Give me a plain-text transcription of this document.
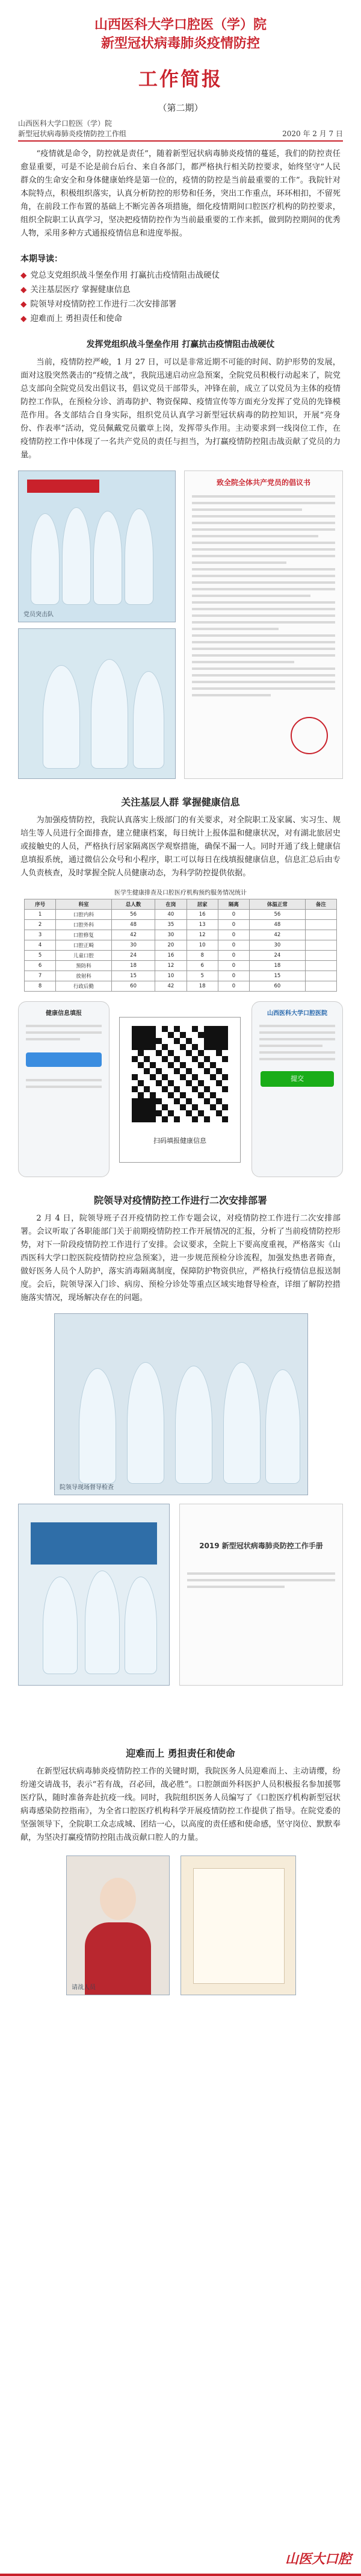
山西医科大学口腔医（学）院
新型冠状病毒肺炎疫情防控
工作简报
（第二期）
山西医科大学口腔医（学）院
新型冠状病毒肺炎疫情防控工作组	2020 年 2 月 7 日

“疫情就是命令，防控就是责任”，随着新型冠状病毒肺炎疫情的蔓延，我们的防控责任愈显重要，可是不论是前台后台、来自各部门，都严格执行相关防控要求，始终坚守“人民群众的生命安全和身体健康始终是第一位的，疫情的防控是当前最重要的工作”。我院针对本院特点，积极组织落实，认真分析防控的形势和任务，突出工作重点，环环相扣，不留死角，在前段工作布置的基础上不断完善各项措施，细化疫情期间口腔医疗机构的防控要求，组织全院职工认真学习，坚决把疫情防控作为当前最重要的工作来抓，做到防控期间的优秀人物，采用多种方式通报疫情信息和进度举报。

本期导读：
◆ 党总支党组织战斗堡垒作用 打赢抗击疫情阻击战硬仗
◆ 关注基层医疗 掌握健康信息
◆ 院领导对疫情防控工作进行二次安排部署
◆ 迎难而上 勇担责任和使命
发挥党组织战斗堡垒作用 打赢抗击疫情阻击战硬仗

当前，疫情防控严峻，1 月 27 日，可以是非常近期不可能的时间、防护形势的发展，面对这股突然袭击的“疫情之战”，我院迅速启动应急预案，全院党员积极行动起来了，院党总支部向全院党员发出倡议书，倡议党员干部带头，冲锋在前，成立了以党员为主体的疫情防控工作队，在预检分诊、消毒防护、物资保障、疫情宣传等方面充分发挥了党员的先锋模范作用。各支部结合自身实际，组织党员认真学习新型冠状病毒的防控知识，开展“亮身份、作表率”活动，党员佩戴党员徽章上岗，发挥带头作用。主动要求到一线岗位工作，在疫情防控工作中体现了一名共产党员的责任与担当，为打赢疫情防控阻击战贡献了党员的力量。

党员突击队
致全院全体共产党员的倡议书
关注基层人群 掌握健康信息

为加强疫情防控，我院认真落实上级部门的有关要求，对全院职工及家属、实习生、规培生等人员进行全面排查，建立健康档案，每日统计上报体温和健康状况，对有湖北旅居史或接触史的人员，严格执行居家隔离医学观察措施，确保不漏一人。同时开通了线上健康信息填报系统，通过微信公众号和小程序，职工可以每日在线填报健康信息，信息汇总后由专人负责核查，及时掌握全院人员健康动态，为科学防控提供依据。

医学生健康排查及口腔医疗机构预约服务情况统计
序号	科室	总人数	在岗	居家	隔离	体温正常	备注
1	口腔内科	56	40	16	0	56	
2	口腔外科	48	35	13	0	48	
3	口腔修复	42	30	12	0	42	
4	口腔正畸	30	20	10	0	30	
5	儿童口腔	24	16	8	0	24	
6	预防科	18	12	6	0	18	
7	放射科	15	10	5	0	15	
8	行政后勤	60	42	18	0	60	
健康信息填报
扫码填报健康信息
山西医科大学口腔医院
提交
院领导对疫情防控工作进行二次安排部署

2 月 4 日，院领导班子召开疫情防控工作专题会议，对疫情防控工作进行二次安排部署。会议听取了各职能部门关于前期疫情防控工作开展情况的汇报，分析了当前疫情防控形势，对下一阶段疫情防控工作进行了安排。会议要求，全院上下要高度重视，严格落实《山西医科大学口腔医院疫情防控应急预案》，进一步规范预检分诊流程，加强发热患者筛查，做好医务人员个人防护，落实消毒隔离制度，保障防护物资供应，严格执行疫情信息报送制度。会后，院领导深入门诊、病房、预检分诊处等重点区域实地督导检查，详细了解防控措施落实情况，现场解决存在的问题。

院领导现场督导检查
2019 新型冠状病毒肺炎防控工作手册
迎难而上 勇担责任和使命

在新型冠状病毒肺炎疫情防控工作的关键时期，我院医务人员迎难而上、主动请缨，纷纷递交请战书，表示“若有战，召必回，战必胜”。口腔颌面外科医护人员积极报名参加援鄂医疗队，随时准备奔赴抗疫一线。同时，我院组织医务人员编写了《口腔医疗机构新型冠状病毒感染防控指南》，为全省口腔医疗机构科学开展疫情防控工作提供了指导。在院党委的坚强领导下，全院职工众志成城、团结一心，以高度的责任感和使命感，坚守岗位、默默奉献，为坚决打赢疫情防控阻击战贡献口腔人的力量。

请战人员
山医大口腔
